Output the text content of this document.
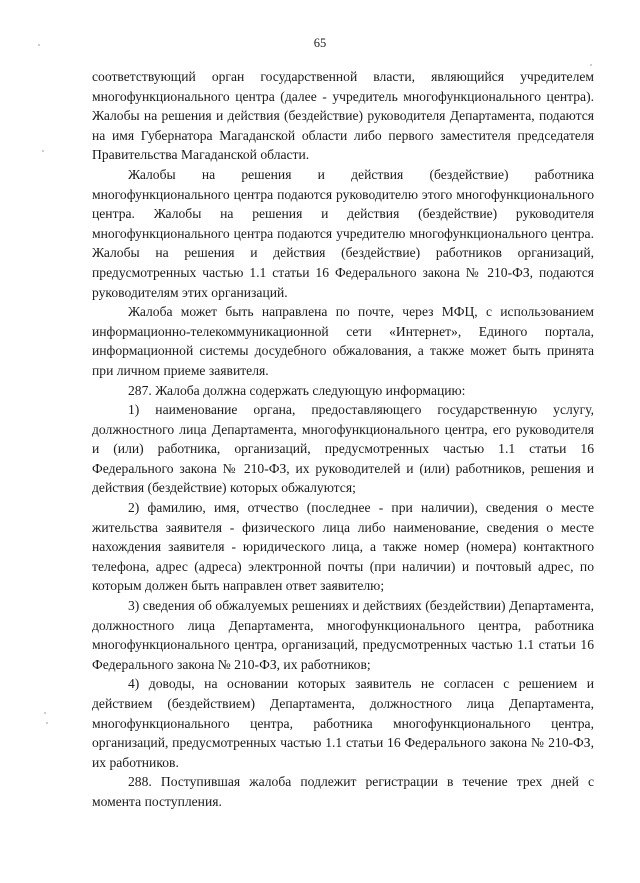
65

соответствующий орган государственной власти, являющийся учредителем многофункционального центра (далее - учредитель многофункционального центра). Жалобы на решения и действия (бездействие) руководителя Департамента, подаются на имя Губернатора Магаданской области либо первого заместителя председателя Правительства Магаданской области.

Жалобы на решения и действия (бездействие) работника многофункционального центра подаются руководителю этого многофункционального центра. Жалобы на решения и действия (бездействие) руководителя многофункционального центра подаются учредителю многофункционального центра. Жалобы на решения и действия (бездействие) работников организаций, предусмотренных частью 1.1 статьи 16 Федерального закона № 210-ФЗ, подаются руководителям этих организаций.

Жалоба может быть направлена по почте, через МФЦ, с использованием информационно-телекоммуникационной сети «Интернет», Единого портала, информационной системы досудебного обжалования, а также может быть принята при личном приеме заявителя.

287. Жалоба должна содержать следующую информацию:

1) наименование органа, предоставляющего государственную услугу, должностного лица Департамента, многофункционального центра, его руководителя и (или) работника, организаций, предусмотренных частью 1.1 статьи 16 Федерального закона № 210-ФЗ, их руководителей и (или) работников, решения и действия (бездействие) которых обжалуются;

2) фамилию, имя, отчество (последнее - при наличии), сведения о месте жительства заявителя - физического лица либо наименование, сведения о месте нахождения заявителя - юридического лица, а также номер (номера) контактного телефона, адрес (адреса) электронной почты (при наличии) и почтовый адрес, по которым должен быть направлен ответ заявителю;

3) сведения об обжалуемых решениях и действиях (бездействии) Департамента, должностного лица Департамента, многофункционального центра, работника многофункционального центра, организаций, предусмотренных частью 1.1 статьи 16 Федерального закона № 210-ФЗ, их работников;

4) доводы, на основании которых заявитель не согласен с решением и действием (бездействием) Департамента, должностного лица Департамента, многофункционального центра, работника многофункционального центра, организаций, предусмотренных частью 1.1 статьи 16 Федерального закона № 210-ФЗ, их работников.

288. Поступившая жалоба подлежит регистрации в течение трех дней с момента поступления.
